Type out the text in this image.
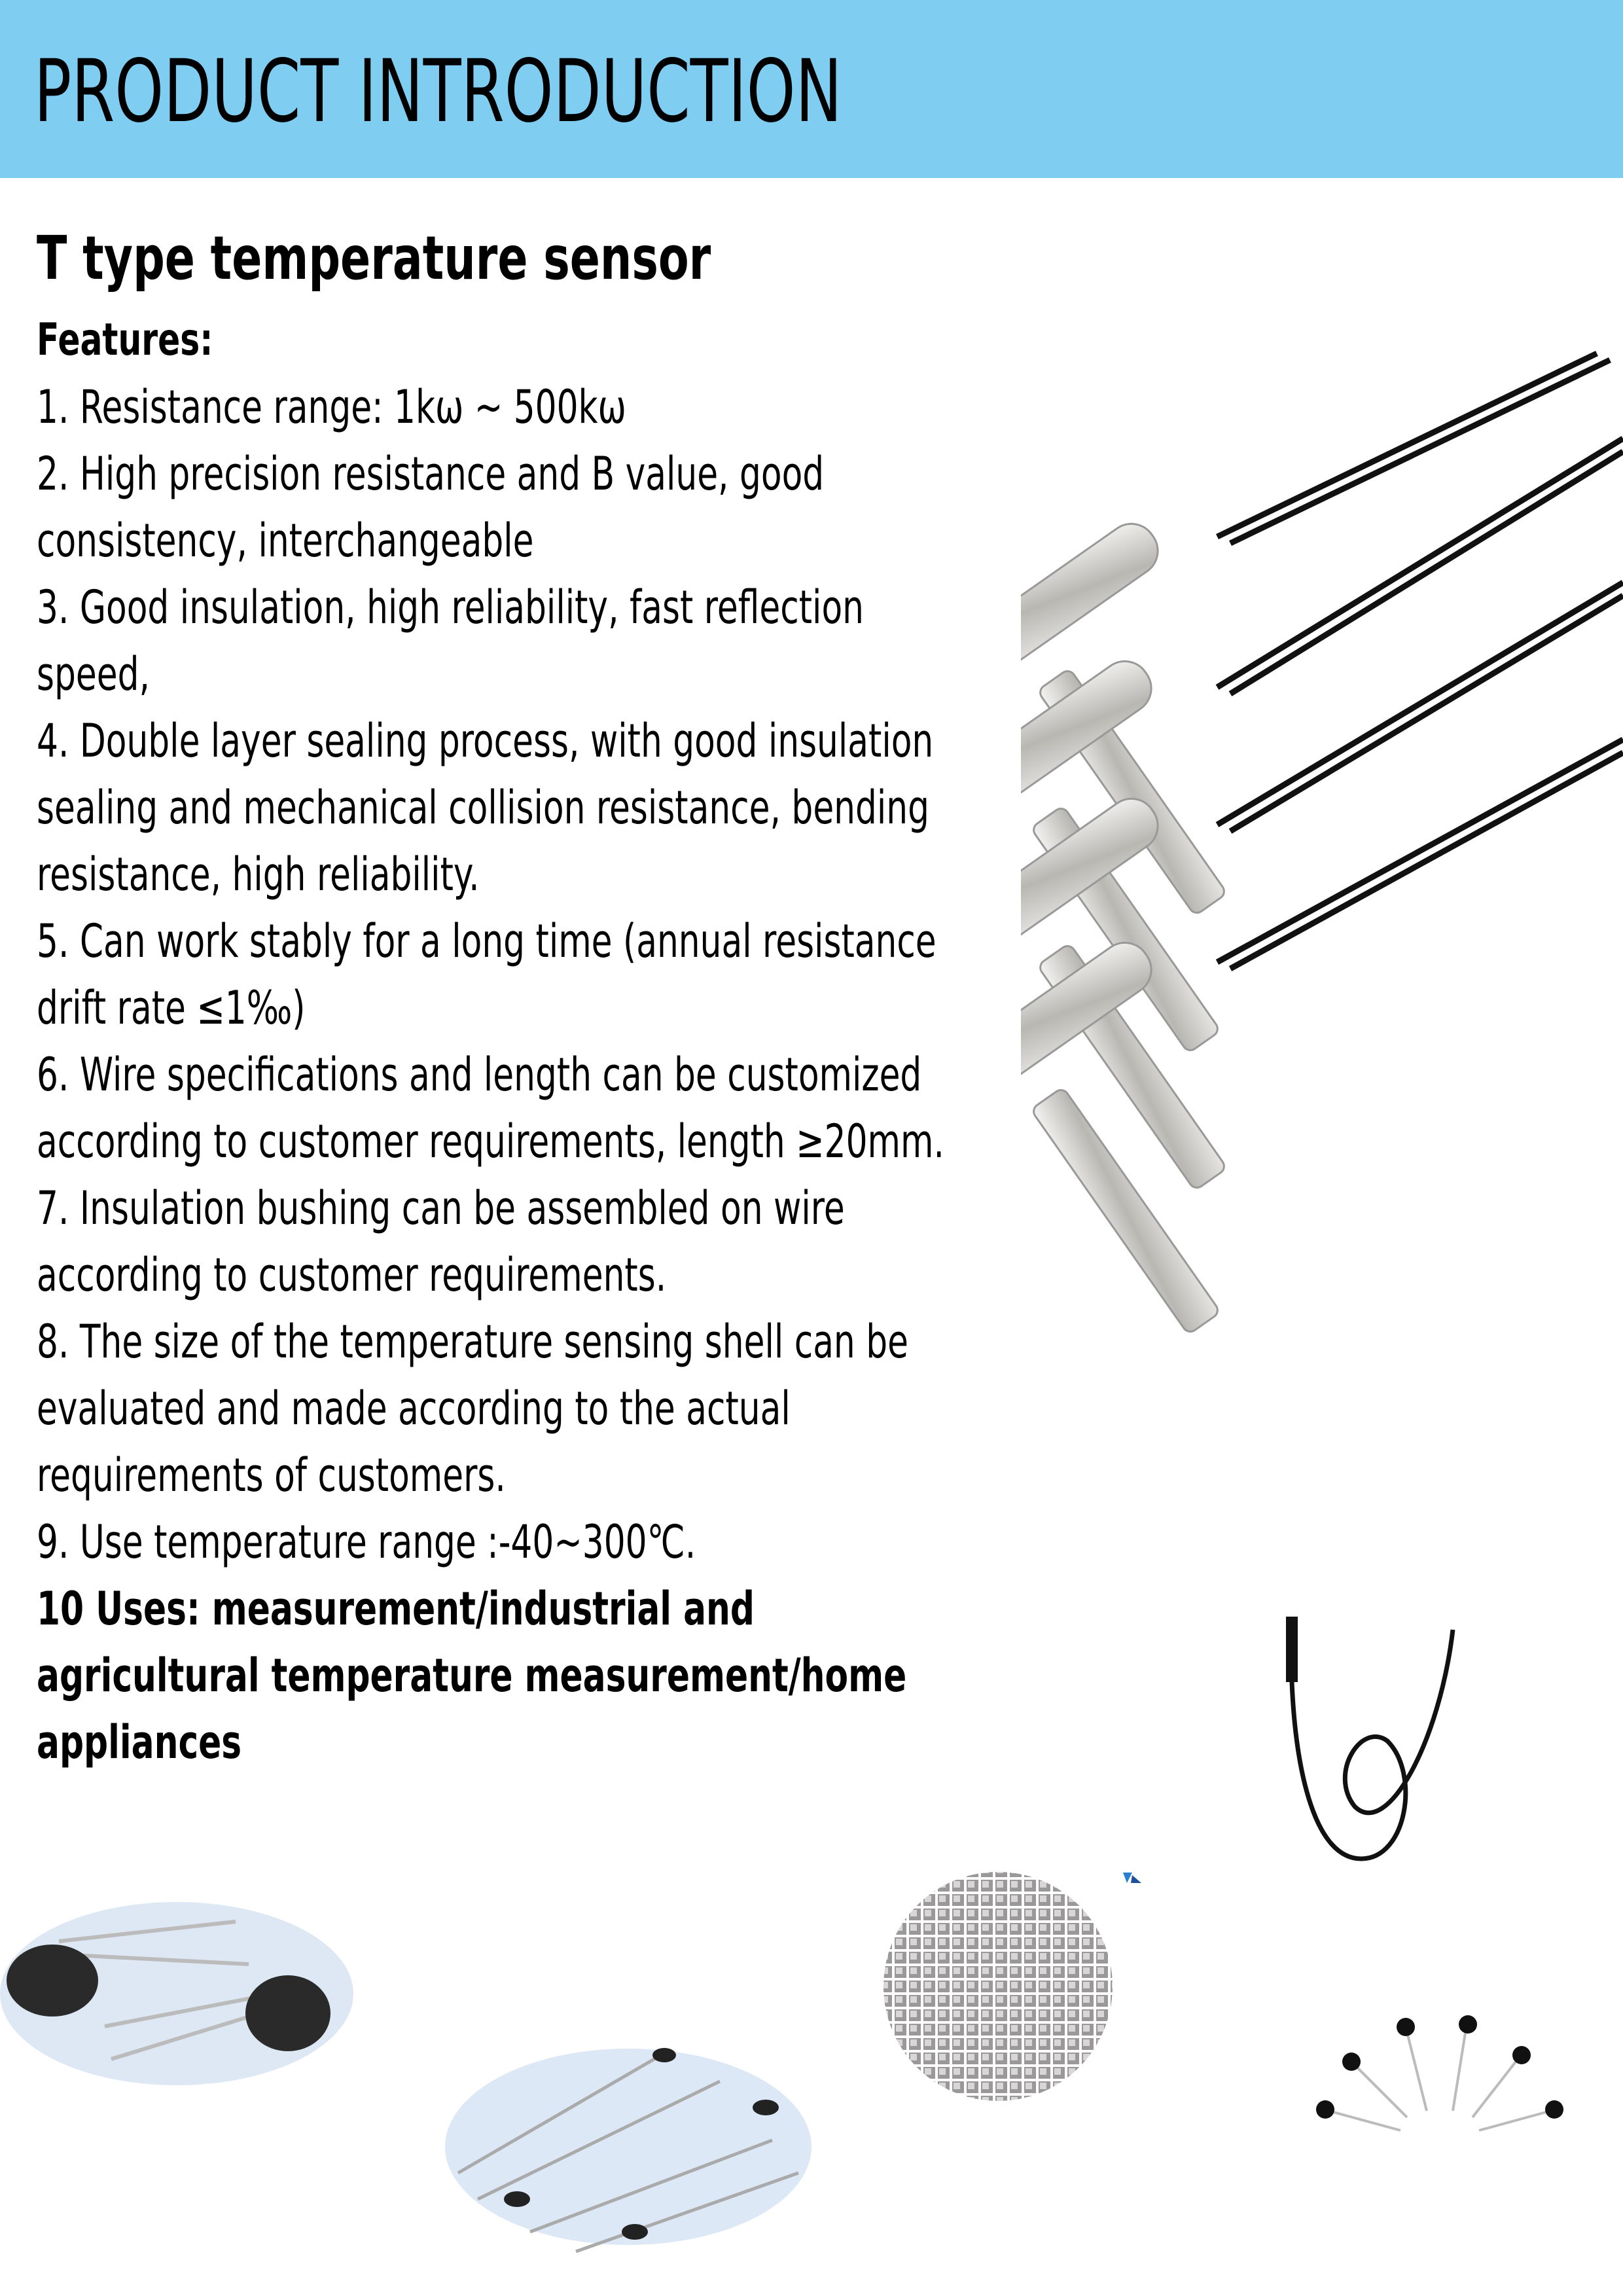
PRODUCT INTRODUCTION
T type temperature sensor
Features:
1. Resistance range: 1kω ~ 500kω
2. High precision resistance and B value, good
consistency, interchangeable
3. Good insulation, high reliability, fast reflection
speed,
4. Double layer sealing process, with good insulation
sealing and mechanical collision resistance, bending
resistance, high reliability.
5. Can work stably for a long time (annual resistance
drift rate ≤1‰)
6. Wire specifications and length can be customized
according to customer requirements, length ≥20mm.
7. Insulation bushing can be assembled on wire
according to customer requirements.
8. The size of the temperature sensing shell can be
evaluated and made according to the actual
requirements of customers.
9. Use temperature range :-40~300℃.
10 Uses: measurement/industrial and
agricultural temperature measurement/home
appliances
